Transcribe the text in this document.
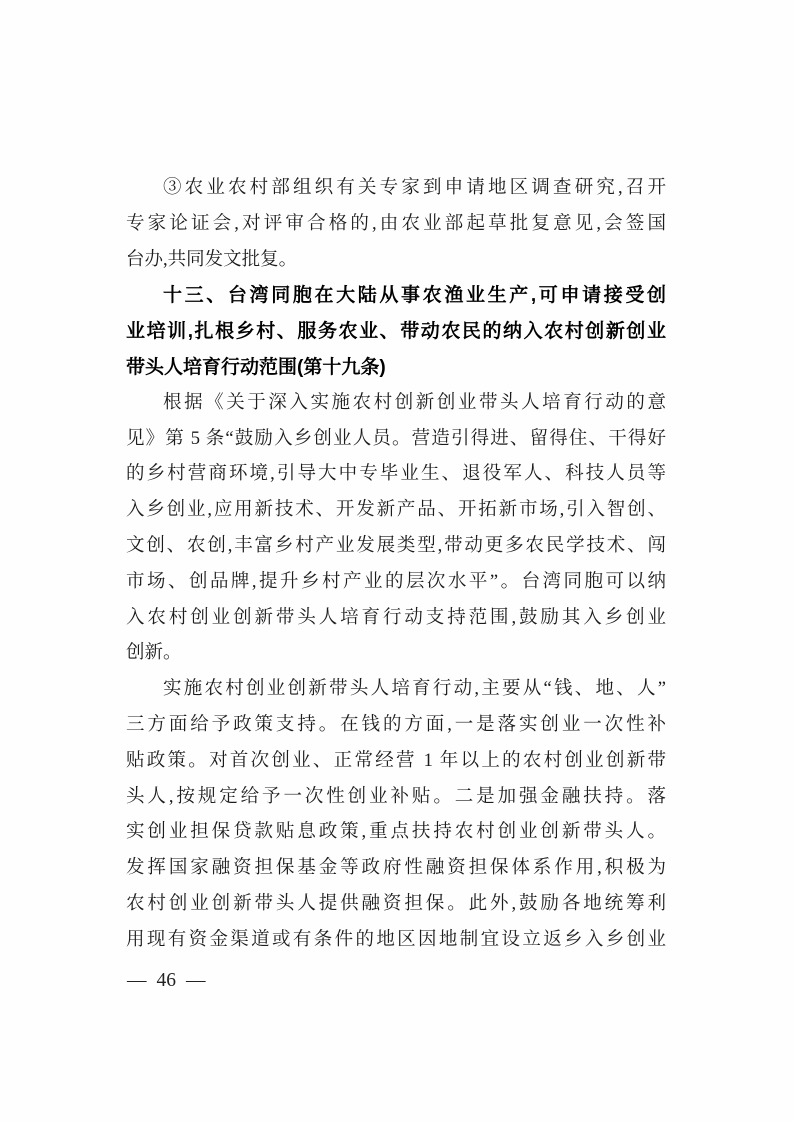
③农业农村部组织有关专家到申请地区调查研究,召开
专家论证会,对评审合格的,由农业部起草批复意见,会签国
台办,共同发文批复。
十三、台湾同胞在大陆从事农渔业生产,可申请接受创
业培训,扎根乡村、服务农业、带动农民的纳入农村创新创业
带头人培育行动范围(第十九条)
根据《关于深入实施农村创新创业带头人培育行动的意
见》第 5 条“鼓励入乡创业人员。营造引得进、留得住、干得好
的乡村营商环境,引导大中专毕业生、退役军人、科技人员等
入乡创业,应用新技术、开发新产品、开拓新市场,引入智创、
文创、农创,丰富乡村产业发展类型,带动更多农民学技术、闯
市场、创品牌,提升乡村产业的层次水平”。台湾同胞可以纳
入农村创业创新带头人培育行动支持范围,鼓励其入乡创业
创新。
实施农村创业创新带头人培育行动,主要从“钱、地、人”
三方面给予政策支持。在钱的方面,一是落实创业一次性补
贴政策。对首次创业、正常经营 1 年以上的农村创业创新带
头人,按规定给予一次性创业补贴。二是加强金融扶持。落
实创业担保贷款贴息政策,重点扶持农村创业创新带头人。
发挥国家融资担保基金等政府性融资担保体系作用,积极为
农村创业创新带头人提供融资担保。此外,鼓励各地统筹利
用现有资金渠道或有条件的地区因地制宜设立返乡入乡创业
— 46 —
